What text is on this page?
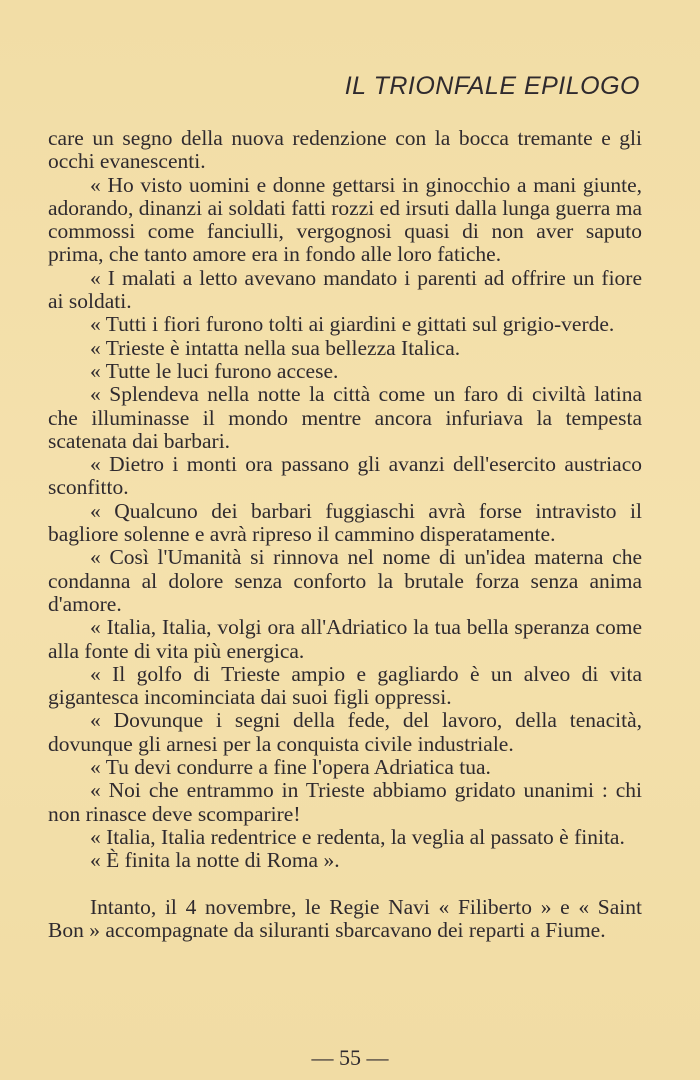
IL TRIONFALE EPILOGO

care un segno della nuova redenzione con la bocca tremante e gli occhi evanescenti.

« Ho visto uomini e donne gettarsi in ginocchio a mani giunte, adorando, dinanzi ai soldati fatti rozzi ed irsuti dalla lunga guerra ma commossi come fanciulli, vergognosi quasi di non aver saputo prima, che tanto amore era in fondo alle loro fatiche.

« I malati a letto avevano mandato i parenti ad offrire un fiore ai soldati.

« Tutti i fiori furono tolti ai giardini e gittati sul grigio-verde.

« Trieste è intatta nella sua bellezza Italica.

« Tutte le luci furono accese.

« Splendeva nella notte la città come un faro di civiltà latina che illuminasse il mondo mentre ancora infuriava la tempesta scatenata dai barbari.

« Dietro i monti ora passano gli avanzi dell'esercito austriaco sconfitto.

« Qualcuno dei barbari fuggiaschi avrà forse intravisto il bagliore solenne e avrà ripreso il cammino disperatamente.

« Così l'Umanità si rinnova nel nome di un'idea materna che condanna al dolore senza conforto la brutale forza senza anima d'amore.

« Italia, Italia, volgi ora all'Adriatico la tua bella speranza come alla fonte di vita più energica.

« Il golfo di Trieste ampio e gagliardo è un alveo di vita gigantesca incominciata dai suoi figli oppressi.

« Dovunque i segni della fede, del lavoro, della tenacità, dovunque gli arnesi per la conquista civile industriale.

« Tu devi condurre a fine l'opera Adriatica tua.

« Noi che entrammo in Trieste abbiamo gridato unanimi : chi non rinasce deve scomparire!

« Italia, Italia redentrice e redenta, la veglia al passato è finita.

« È finita la notte di Roma ».

Intanto, il 4 novembre, le Regie Navi « Filiberto » e « Saint Bon » accompagnate da siluranti sbarcavano dei reparti a Fiume.

— 55 —
